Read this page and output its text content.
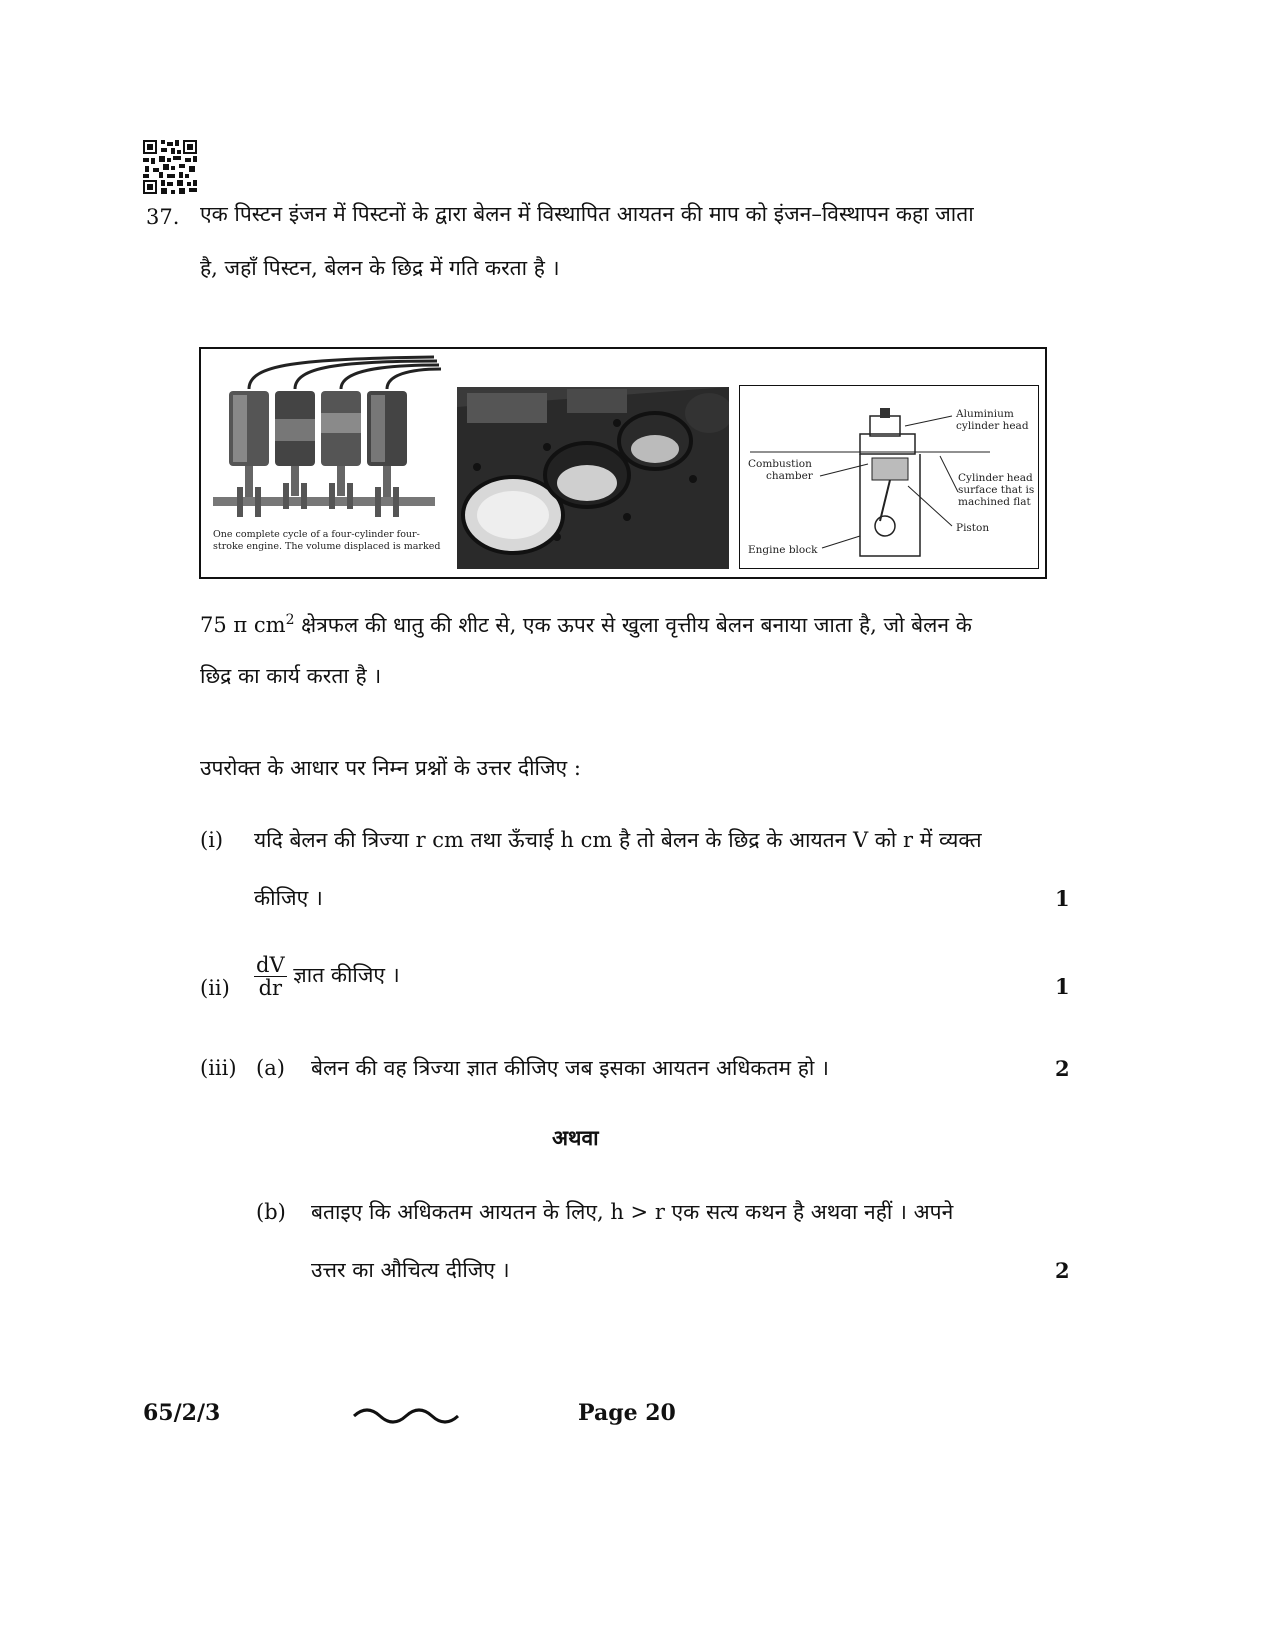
37. एक पिस्टन इंजन में पिस्टनों के द्वारा बेलन में विस्थापित आयतन की माप को इंजन–विस्थापन कहा जाता
है, जहाँ पिस्टन, बेलन के छिद्र में गति करता है ।
One complete cycle of a four-cylinder four-
stroke engine. The volume displaced is marked
Aluminium
cylinder head
Combustion
chamber	Cylinder head
surface that is
machined flat
Piston
Engine block
75 π $cm^2$ क्षेत्रफल की धातु की शीट से, एक ऊपर से खुला वृत्तीय बेलन बनाया जाता है, जो बेलन के
छिद्र का कार्य करता है ।
उपरोक्त के आधार पर निम्न प्रश्नों के उत्तर दीजिए :
(i) यदि बेलन की त्रिज्या r cm तथा ऊँचाई h cm है तो बेलन के छिद्र के आयतन V को r में व्यक्त
कीजिए ।	1
$(ii) \frac{dV}{dr}$ ज्ञात कीजिए ।	1
(iii) (a) बेलन की वह त्रिज्या ज्ञात कीजिए जब इसका आयतन अधिकतम हो ।	2
अथवा
(b) बताइए कि अधिकतम आयतन के लिए, h > r एक सत्य कथन है अथवा नहीं । अपने
उत्तर का औचित्य दीजिए ।	2
65/2/3	Page 20
